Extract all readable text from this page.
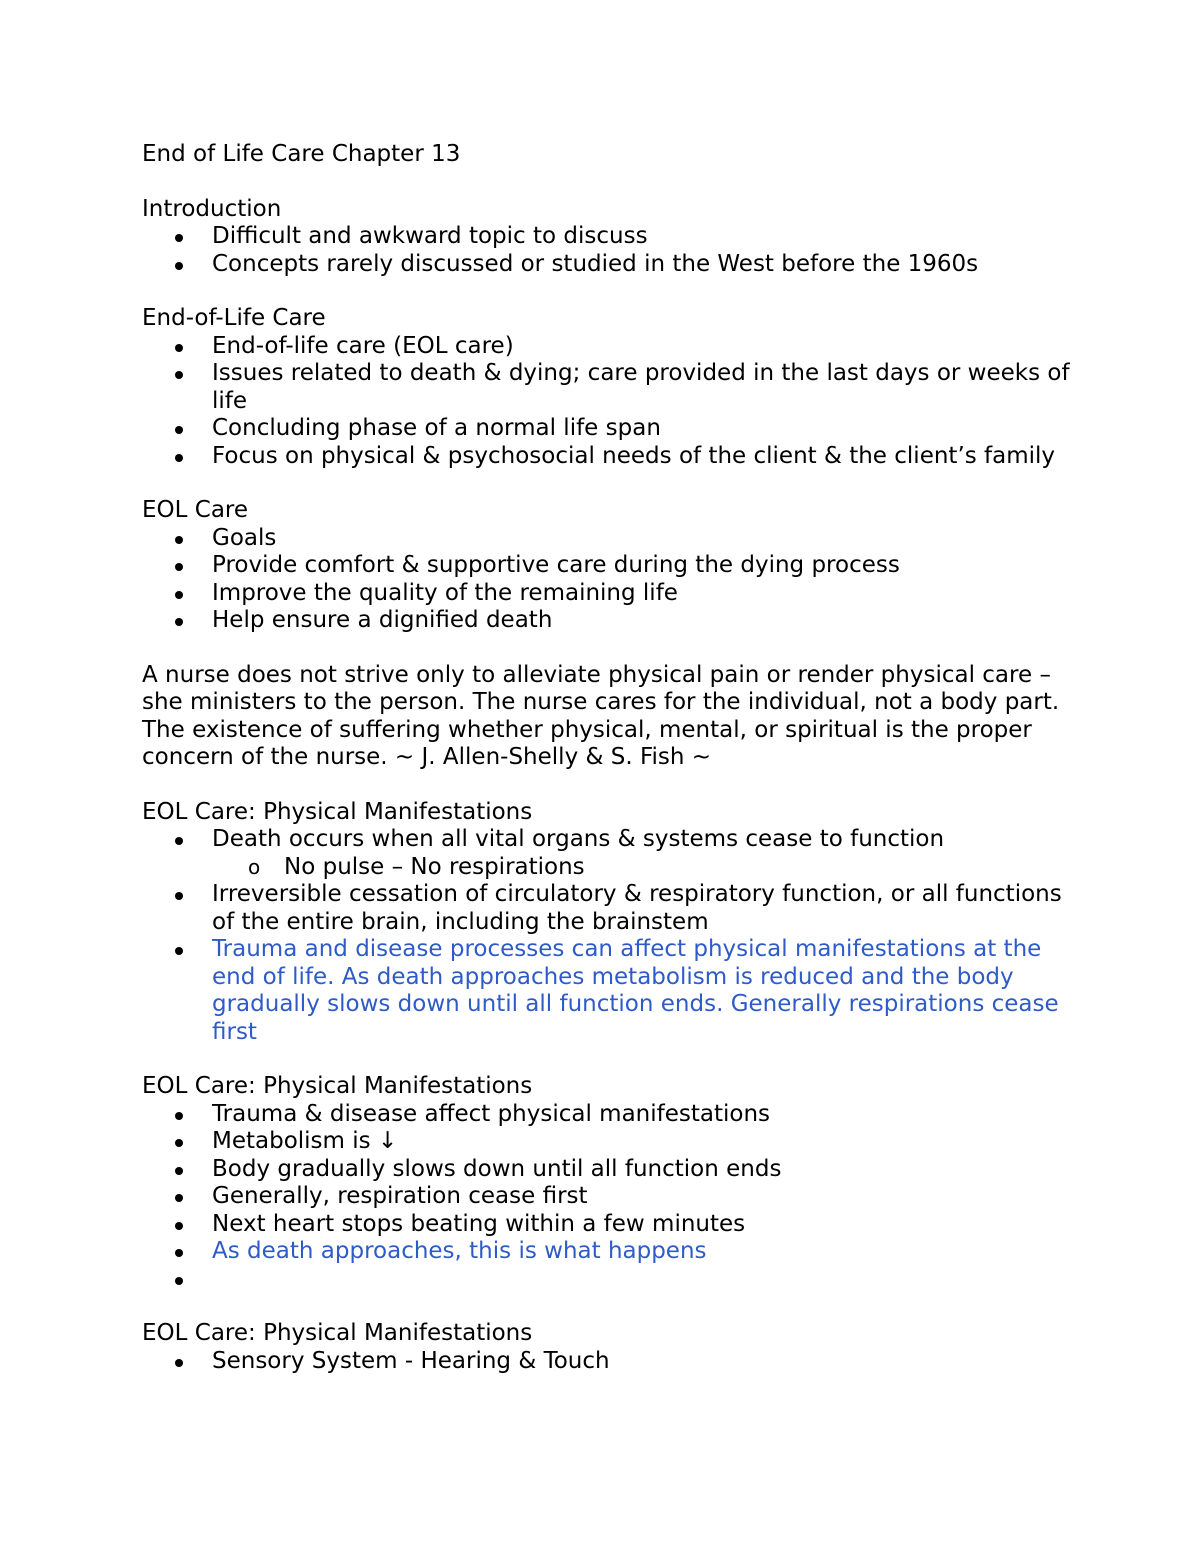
End of Life Care Chapter 13
Introduction
Difficult and awkward topic to discuss
Concepts rarely discussed or studied in the West before the 1960s
End-of-Life Care
End-of-life care (EOL care)
Issues related to death & dying; care provided in the last days or weeks of life
Concluding phase of a normal life span
Focus on physical & psychosocial needs of the client & the client’s family
EOL Care
Goals
Provide comfort & supportive care during the dying process
Improve the quality of the remaining life
Help ensure a dignified death
A nurse does not strive only to alleviate physical pain or render physical care – she ministers to the person. The nurse cares for the individual, not a body part. The existence of suffering whether physical, mental, or spiritual is the proper concern of the nurse. ~ J. Allen-Shelly & S. Fish ~
EOL Care: Physical Manifestations
Death occurs when all vital organs & systems cease to function
o No pulse – No respirations
Irreversible cessation of circulatory & respiratory function, or all functions of the entire brain, including the brainstem
Trauma and disease processes can affect physical manifestations at the end of life. As death approaches metabolism is reduced and the body gradually slows down until all function ends. Generally respirations cease first
EOL Care: Physical Manifestations
Trauma & disease affect physical manifestations
Metabolism is ↓
Body gradually slows down until all function ends
Generally, respiration cease first
Next heart stops beating within a few minutes
As death approaches, this is what happens

EOL Care: Physical Manifestations
Sensory System - Hearing & Touch
